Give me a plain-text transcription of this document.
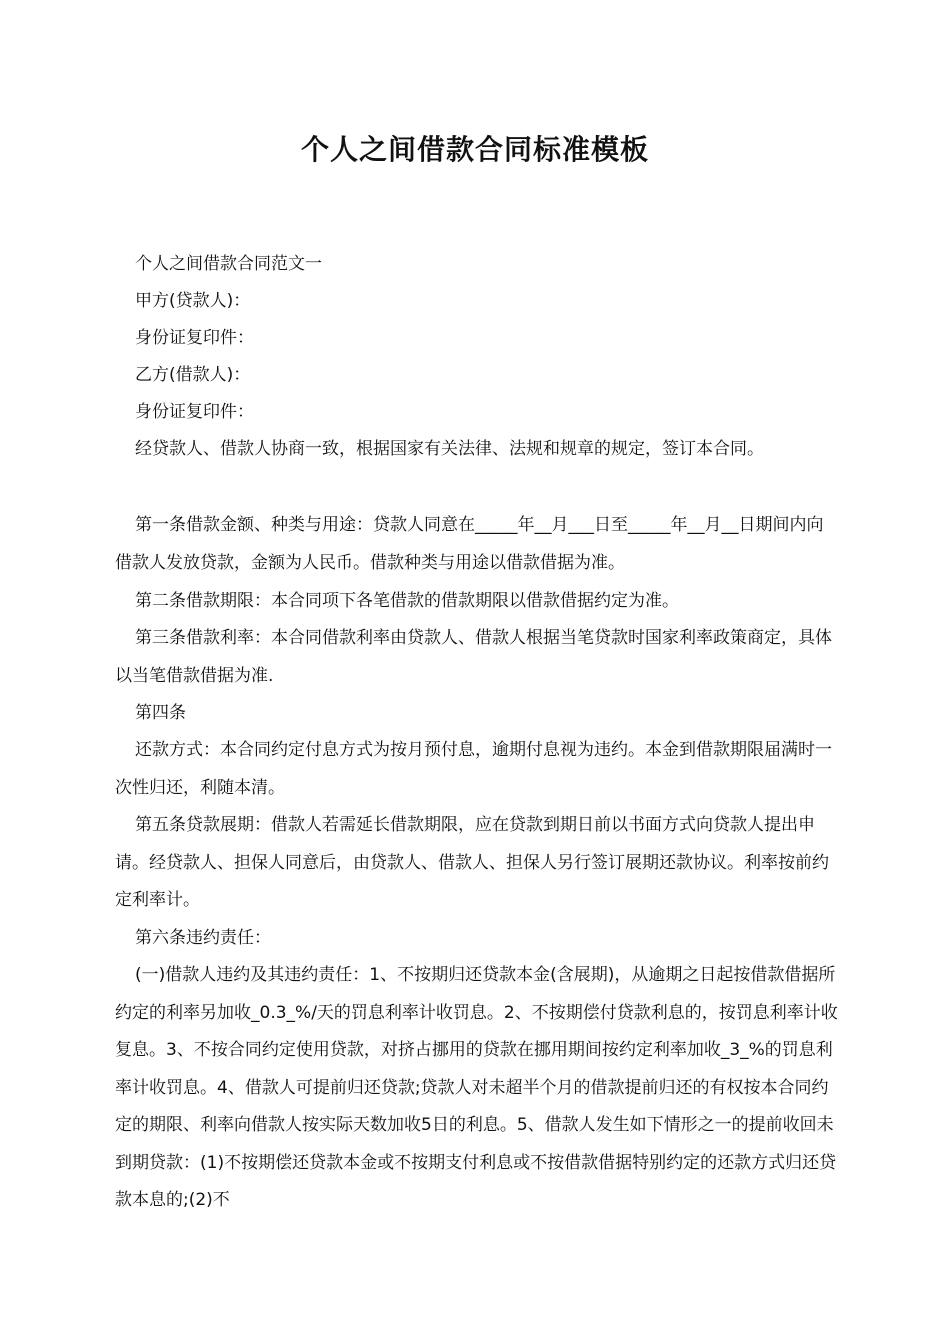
个人之间借款合同标准模板
个人之间借款合同范文一
甲方(贷款人)：
身份证复印件：
乙方(借款人)：
身份证复印件：
经贷款人、借款人协商一致，根据国家有关法律、法规和规章的规定，签订本合同。
第一条借款金额、种类与用途：贷款人同意在_____年__月___日至_____年__月__日期间内向借款人发放贷款，金额为人民币。借款种类与用途以借款借据为准。
第二条借款期限：本合同项下各笔借款的借款期限以借款借据约定为准。
第三条借款利率：本合同借款利率由贷款人、借款人根据当笔贷款时国家利率政策商定，具体以当笔借款借据为准.
第四条
还款方式：本合同约定付息方式为按月预付息，逾期付息视为违约。本金到借款期限届满时一次性归还，利随本清。
第五条贷款展期：借款人若需延长借款期限，应在贷款到期日前以书面方式向贷款人提出申请。经贷款人、担保人同意后，由贷款人、借款人、担保人另行签订展期还款协议。利率按前约定利率计。
第六条违约责任：
(一)借款人违约及其违约责任：1、不按期归还贷款本金(含展期)，从逾期之日起按借款借据所约定的利率另加收_0.3_%/天的罚息利率计收罚息。2、不按期偿付贷款利息的，按罚息利率计收复息。3、不按合同约定使用贷款，对挤占挪用的贷款在挪用期间按约定利率加收_3_%的罚息利率计收罚息。4、借款人可提前归还贷款;贷款人对未超半个月的借款提前归还的有权按本合同约定的期限、利率向借款人按实际天数加收5日的利息。5、借款人发生如下情形之一的提前收回未到期贷款：(1)不按期偿还贷款本金或不按期支付利息或不按借款借据特别约定的还款方式归还贷款本息的;(2)不
